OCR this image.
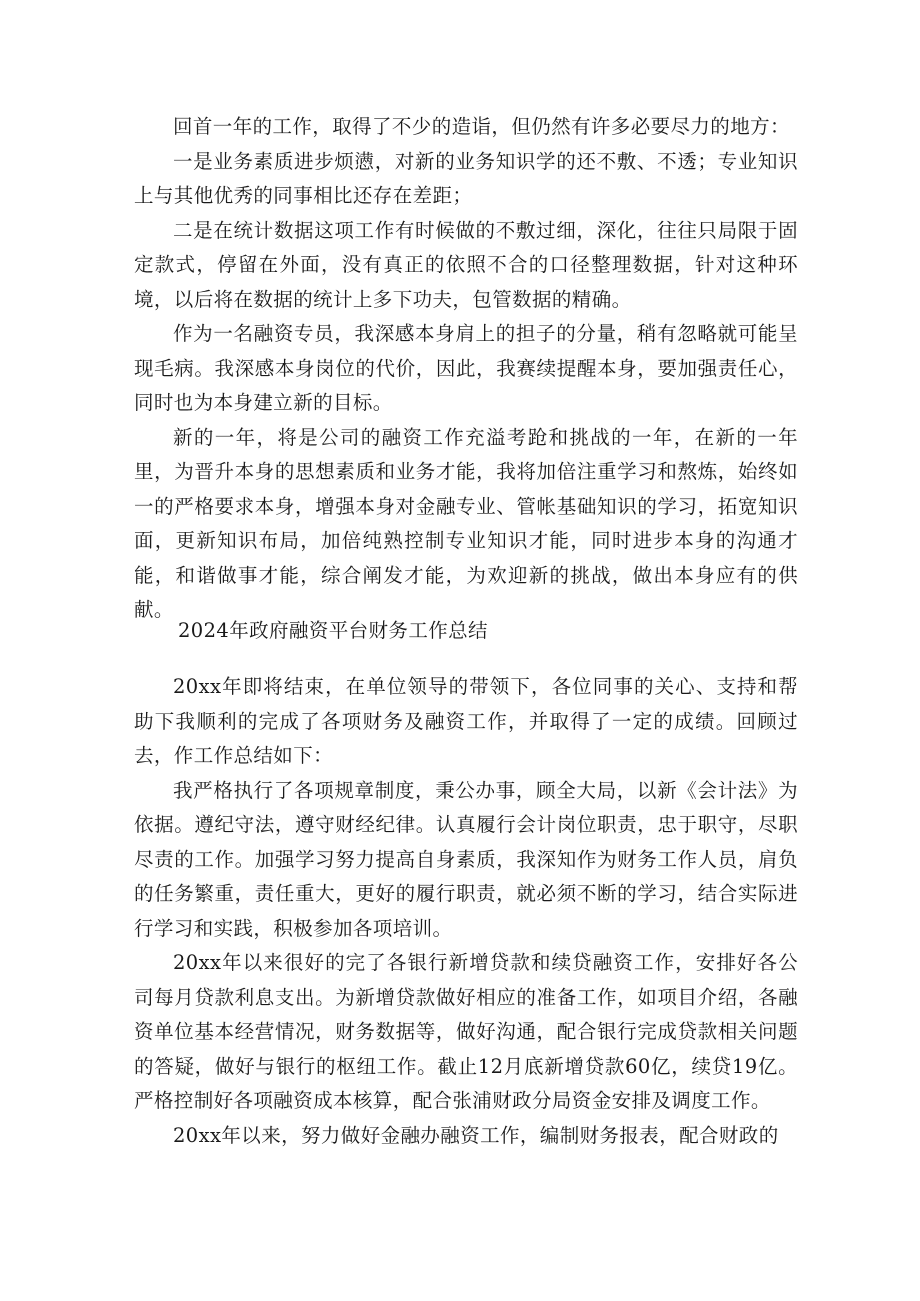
回首一年的工作，取得了不少的造诣，但仍然有许多必要尽力的地方：

一是业务素质进步烦懑，对新的业务知识学的还不敷、不透；专业知识上与其他优秀的同事相比还存在差距；

二是在统计数据这项工作有时候做的不敷过细，深化，往往只局限于固定款式，停留在外面，没有真正的依照不合的口径整理数据，针对这种环境，以后将在数据的统计上多下功夫，包管数据的精确。

作为一名融资专员，我深感本身肩上的担子的分量，稍有忽略就可能呈现毛病。我深感本身岗位的代价，因此，我赛续提醒本身，要加强责任心，同时也为本身建立新的目标。

新的一年，将是公司的融资工作充溢考跄和挑战的一年，在新的一年里，为晋升本身的思想素质和业务才能，我将加倍注重学习和熬炼，始终如一的严格要求本身，增强本身对金融专业、管帐基础知识的学习，拓宽知识面，更新知识布局，加倍纯熟控制专业知识才能，同时进步本身的沟通才能，和谐做事才能，综合阐发才能，为欢迎新的挑战，做出本身应有的供献。

2024年政府融资平台财务工作总结

20xx年即将结束，在单位领导的带领下，各位同事的关心、支持和帮助下我顺利的完成了各项财务及融资工作，并取得了一定的成绩。回顾过去，作工作总结如下：

我严格执行了各项规章制度，秉公办事，顾全大局，以新《会计法》为依据。遵纪守法，遵守财经纪律。认真履行会计岗位职责，忠于职守，尽职尽责的工作。加强学习努力提高自身素质，我深知作为财务工作人员，肩负的任务繁重，责任重大，更好的履行职责，就必须不断的学习，结合实际进行学习和实践，积极参加各项培训。

20xx年以来很好的完了各银行新增贷款和续贷融资工作，安排好各公司每月贷款利息支出。为新增贷款做好相应的准备工作，如项目介绍，各融资单位基本经营情况，财务数据等，做好沟通，配合银行完成贷款相关问题的答疑，做好与银行的枢纽工作。截止12月底新增贷款60亿，续贷19亿。严格控制好各项融资成本核算，配合张浦财政分局资金安排及调度工作。

20xx年以来，努力做好金融办融资工作，编制财务报表，配合财政的
